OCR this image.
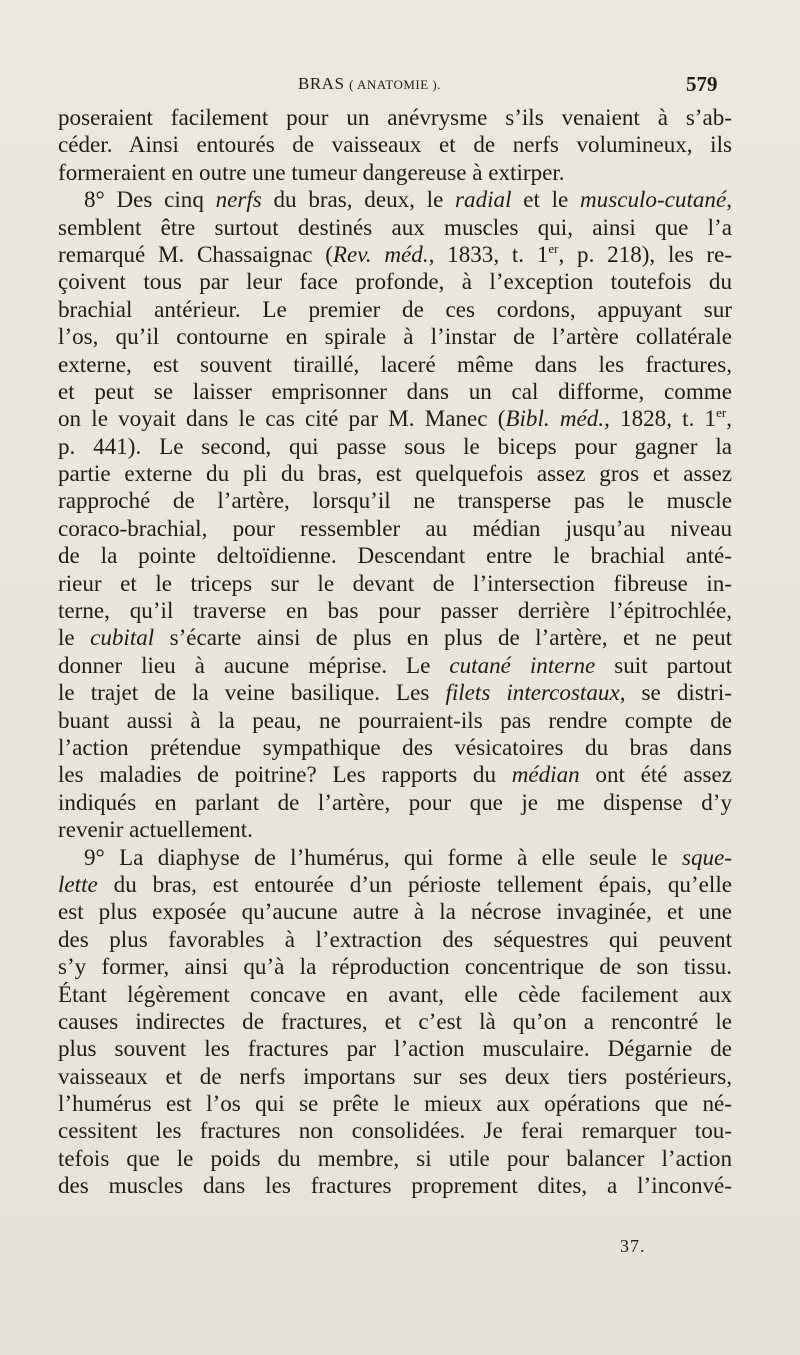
BRAS ( ANATOMIE ).	579
poseraient facilement pour un anévrysme s’ils venaient à s’ab-
céder. Ainsi entourés de vaisseaux et de nerfs volumineux, ils
formeraient en outre une tumeur dangereuse à extirper.
8° Des cinq nerfs du bras, deux, le radial et le musculo-cutané,
semblent être surtout destinés aux muscles qui, ainsi que l’a
remarqué M. Chassaignac (Rev. méd., 1833, t. 1er, p. 218), les re-
çoivent tous par leur face profonde, à l’exception toutefois du
brachial antérieur. Le premier de ces cordons, appuyant sur
l’os, qu’il contourne en spirale à l’instar de l’artère collatérale
externe, est souvent tiraillé, laceré même dans les fractures,
et peut se laisser emprisonner dans un cal difforme, comme
on le voyait dans le cas cité par M. Manec (Bibl. méd., 1828, t. 1er,
p. 441). Le second, qui passe sous le biceps pour gagner la
partie externe du pli du bras, est quelquefois assez gros et assez
rapproché de l’artère, lorsqu’il ne transperse pas le muscle
coraco-brachial, pour ressembler au médian jusqu’au niveau
de la pointe deltoïdienne. Descendant entre le brachial anté-
rieur et le triceps sur le devant de l’intersection fibreuse in-
terne, qu’il traverse en bas pour passer derrière l’épitrochlée,
le cubital s’écarte ainsi de plus en plus de l’artère, et ne peut
donner lieu à aucune méprise. Le cutané interne suit partout
le trajet de la veine basilique. Les filets intercostaux, se distri-
buant aussi à la peau, ne pourraient-ils pas rendre compte de
l’action prétendue sympathique des vésicatoires du bras dans
les maladies de poitrine? Les rapports du médian ont été assez
indiqués en parlant de l’artère, pour que je me dispense d’y
revenir actuellement.
9° La diaphyse de l’humérus, qui forme à elle seule le sque-
lette du bras, est entourée d’un périoste tellement épais, qu’elle
est plus exposée qu’aucune autre à la nécrose invaginée, et une
des plus favorables à l’extraction des séquestres qui peuvent
s’y former, ainsi qu’à la réproduction concentrique de son tissu.
Étant légèrement concave en avant, elle cède facilement aux
causes indirectes de fractures, et c’est là qu’on a rencontré le
plus souvent les fractures par l’action musculaire. Dégarnie de
vaisseaux et de nerfs importans sur ses deux tiers postérieurs,
l’humérus est l’os qui se prête le mieux aux opérations que né-
cessitent les fractures non consolidées. Je ferai remarquer tou-
tefois que le poids du membre, si utile pour balancer l’action
des muscles dans les fractures proprement dites, a l’inconvé-
37.
